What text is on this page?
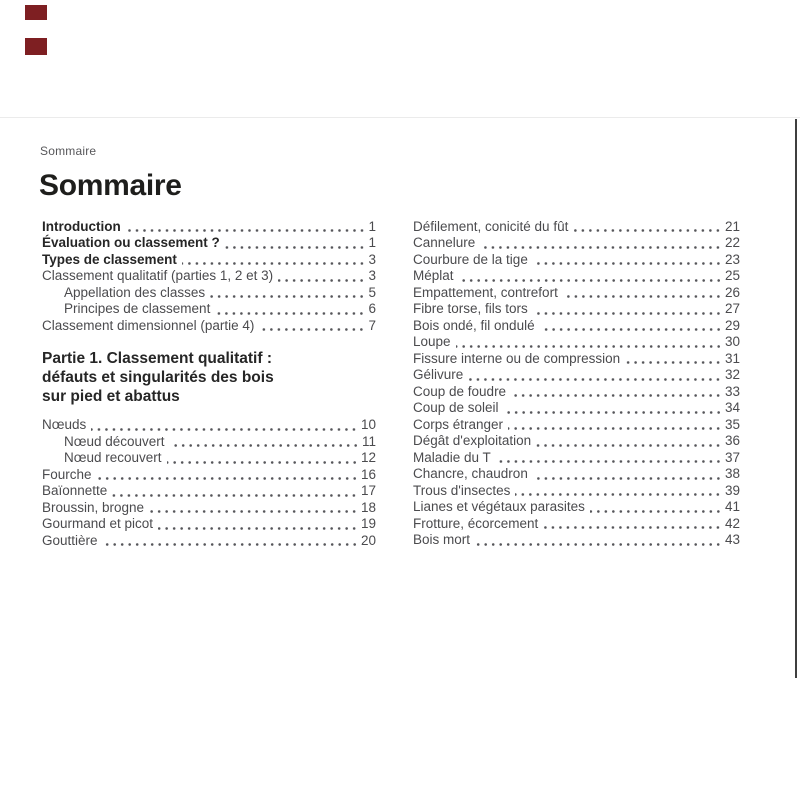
Sommaire
Sommaire
Introduction	1
Évaluation ou classement ?	1
Types de classement	3
Classement qualitatif (parties 1, 2 et 3)	3
Appellation des classes	5
Principes de classement	6
Classement dimensionnel (partie 4)	7
Partie 1. Classement qualitatif :
défauts et singularités des bois
sur pied et abattus
Nœuds	10
Nœud découvert	11
Nœud recouvert	12
Fourche	16
Baïonnette	17
Broussin, brogne	18
Gourmand et picot	19
Gouttière	20
Défilement, conicité du fût	21
Cannelure	22
Courbure de la tige	23
Méplat	25
Empattement, contrefort	26
Fibre torse, fils tors	27
Bois ondé, fil ondulé	29
Loupe	30
Fissure interne ou de compression	31
Gélivure	32
Coup de foudre	33
Coup de soleil	34
Corps étranger	35
Dégât d'exploitation	36
Maladie du T	37
Chancre, chaudron	38
Trous d'insectes	39
Lianes et végétaux parasites	41
Frotture, écorcement	42
Bois mort	43
